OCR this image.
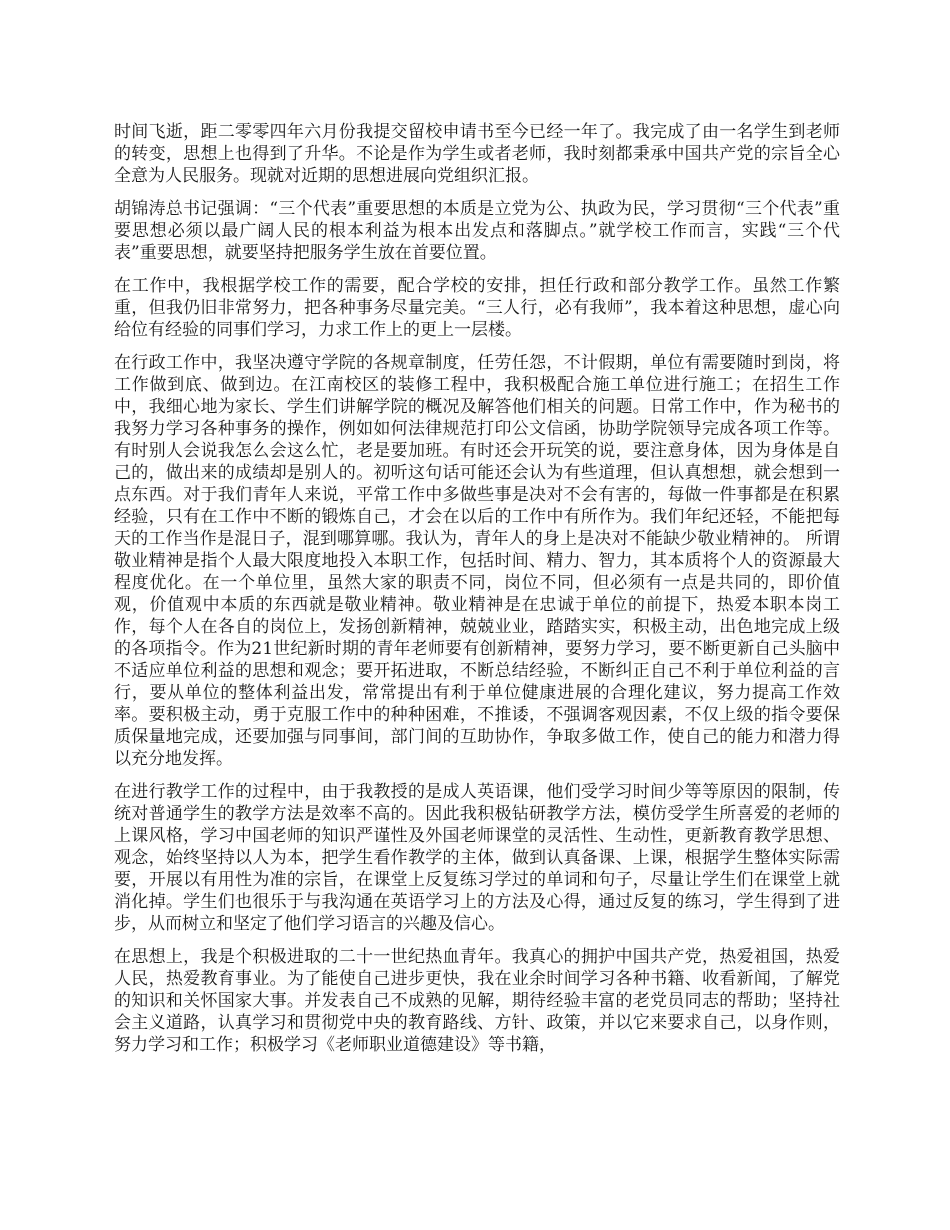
时间飞逝，距二零零四年六月份我提交留校申请书至今已经一年了。我完成了由一名学生到老师的转变，思想上也得到了升华。不论是作为学生或者老师，我时刻都秉承中国共产党的宗旨全心全意为人民服务。现就对近期的思想进展向党组织汇报。

胡锦涛总书记强调：“三个代表”重要思想的本质是立党为公、执政为民，学习贯彻“三个代表”重要思想必须以最广阔人民的根本利益为根本出发点和落脚点。”就学校工作而言，实践“三个代表”重要思想，就要坚持把服务学生放在首要位置。

在工作中，我根据学校工作的需要，配合学校的安排，担任行政和部分教学工作。虽然工作繁重，但我仍旧非常努力，把各种事务尽量完美。“三人行，必有我师”，我本着这种思想，虚心向给位有经验的同事们学习，力求工作上的更上一层楼。

在行政工作中，我坚决遵守学院的各规章制度，任劳任怨，不计假期，单位有需要随时到岗，将工作做到底、做到边。在江南校区的装修工程中，我积极配合施工单位进行施工；在招生工作中，我细心地为家长、学生们讲解学院的概况及解答他们相关的问题。日常工作中，作为秘书的我努力学习各种事务的操作，例如如何法律规范打印公文信函，协助学院领导完成各项工作等。有时别人会说我怎么会这么忙，老是要加班。有时还会开玩笑的说，要注意身体，因为身体是自己的，做出来的成绩却是别人的。初听这句话可能还会认为有些道理，但认真想想，就会想到一点东西。对于我们青年人来说，平常工作中多做些事是决对不会有害的，每做一件事都是在积累经验，只有在工作中不断的锻炼自己，才会在以后的工作中有所作为。我们年纪还轻，不能把每天的工作当作是混日子，混到哪算哪。我认为，青年人的身上是决对不能缺少敬业精神的。 所谓敬业精神是指个人最大限度地投入本职工作，包括时间、精力、智力，其本质将个人的资源最大程度优化。在一个单位里，虽然大家的职责不同，岗位不同，但必须有一点是共同的，即价值观，价值观中本质的东西就是敬业精神。敬业精神是在忠诚于单位的前提下，热爱本职本岗工作，每个人在各自的岗位上，发扬创新精神，兢兢业业，踏踏实实，积极主动，出色地完成上级的各项指令。作为21世纪新时期的青年老师要有创新精神，要努力学习，要不断更新自己头脑中不适应单位利益的思想和观念；要开拓进取，不断总结经验，不断纠正自己不利于单位利益的言行，要从单位的整体利益出发，常常提出有利于单位健康进展的合理化建议，努力提高工作效率。要积极主动，勇于克服工作中的种种困难，不推诿，不强调客观因素，不仅上级的指令要保质保量地完成，还要加强与同事间，部门间的互助协作，争取多做工作，使自己的能力和潜力得以充分地发挥。

在进行教学工作的过程中，由于我教授的是成人英语课，他们受学习时间少等等原因的限制，传统对普通学生的教学方法是效率不高的。因此我积极钻研教学方法，模仿受学生所喜爱的老师的上课风格，学习中国老师的知识严谨性及外国老师课堂的灵活性、生动性，更新教育教学思想、观念，始终坚持以人为本，把学生看作教学的主体，做到认真备课、上课，根据学生整体实际需要，开展以有用性为准的宗旨，在课堂上反复练习学过的单词和句子，尽量让学生们在课堂上就消化掉。学生们也很乐于与我沟通在英语学习上的方法及心得，通过反复的练习，学生得到了进步，从而树立和坚定了他们学习语言的兴趣及信心。

在思想上，我是个积极进取的二十一世纪热血青年。我真心的拥护中国共产党，热爱祖国，热爱人民，热爱教育事业。为了能使自己进步更快，我在业余时间学习各种书籍、收看新闻，了解党的知识和关怀国家大事。并发表自己不成熟的见解，期待经验丰富的老党员同志的帮助；坚持社会主义道路，认真学习和贯彻党中央的教育路线、方针、政策，并以它来要求自己，以身作则，努力学习和工作；积极学习《老师职业道德建设》等书籍，
